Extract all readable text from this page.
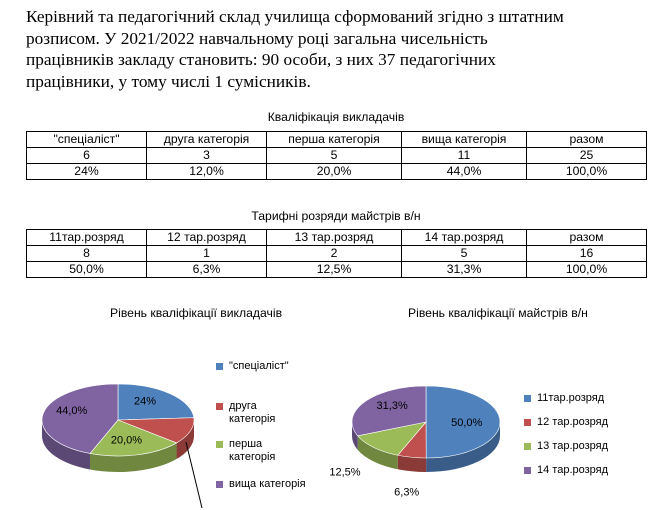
Керівний та педагогічний склад училища сформований згідно з штатним
розписом. У 2021/2022 навчальному році загальна чисельність
працівників закладу становить: 90 особи, з них 37 педагогічних
працівники, у тому числі 1 сумісників.
Кваліфікація викладачів
"спеціаліст"	друга категорія	перша категорія	вища категорія	разом
6	3	5	11	25
24%	12,0%	20,0%	44,0%	100,0%
Тарифні розряди майстрів в/н
11тар.розряд	12 тар.розряд	13 тар.розряд	14 тар.розряд	разом
8	1	2	5	16
50,0%	6,3%	12,5%	31,3%	100,0%
Рівень кваліфікації викладачів	Рівень кваліфікації майстрів в/н
24%
20,0%
44,0%
50,0%
6,3%
12,5%
31,3%
"спеціаліст"
друга
категорія
перша
категорія
вища категорія
11тар.розряд
12 тар.розряд
13 тар.розряд
14 тар.розряд
